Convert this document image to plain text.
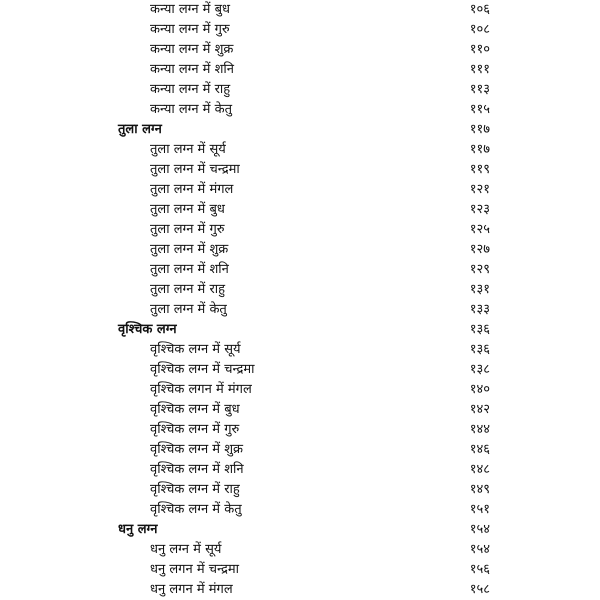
कन्या लग्न में बुध	१०६
कन्या लग्न में गुरु	१०८
कन्या लग्न में शुक्र	११०
कन्या लग्न में शनि	१११
कन्या लग्न में राहु	११३
कन्या लग्न में केतु	११५
तुला लग्न	११७
तुला लग्न में सूर्य	११७
तुला लग्न में चन्द्रमा	११९
तुला लग्न में मंगल	१२१
तुला लग्न में बुध	१२३
तुला लग्न में गुरु	१२५
तुला लग्न में शुक्र	१२७
तुला लग्न में शनि	१२९
तुला लग्न में राहु	१३१
तुला लग्न में केतु	१३३
वृश्चिक लग्न	१३६
वृश्चिक लग्न में सूर्य	१३६
वृश्चिक लग्न में चन्द्रमा	१३८
वृश्चिक लगन में मंगल	१४०
वृश्चिक लग्न में बुध	१४२
वृश्चिक लग्न में गुरु	१४४
वृश्चिक लग्न में शुक्र	१४६
वृश्चिक लग्न में शनि	१४८
वृश्चिक लग्न में राहु	१४९
वृश्चिक लग्न में केतु	१५१
धनु लग्न	१५४
धनु लग्न में सूर्य	१५४
धनु लगन में चन्द्रमा	१५६
धनु लगन में मंगल	१५८
